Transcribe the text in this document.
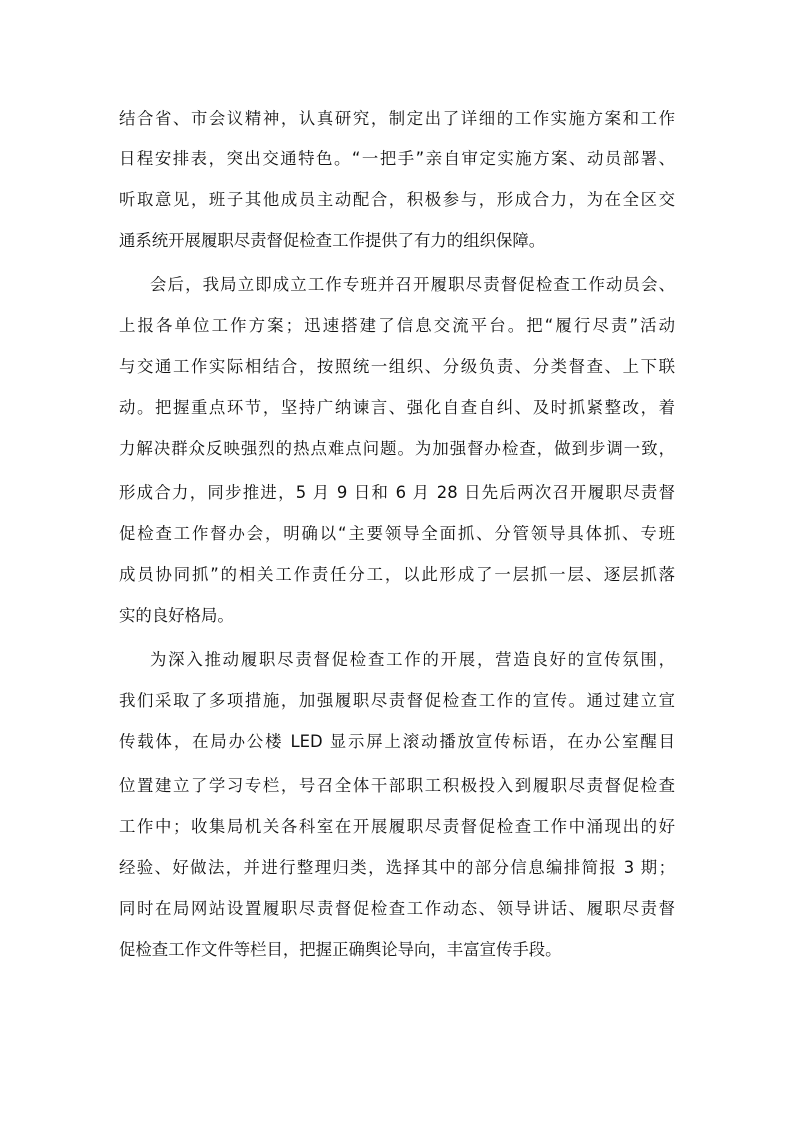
结合省、市会议精神，认真研究，制定出了详细的工作实施方案和工作
日程安排表，突出交通特色。“一把手”亲自审定实施方案、动员部署、
听取意见，班子其他成员主动配合，积极参与，形成合力，为在全区交
通系统开展履职尽责督促检查工作提供了有力的组织保障。
会后，我局立即成立工作专班并召开履职尽责督促检查工作动员会、
上报各单位工作方案；迅速搭建了信息交流平台。把“履行尽责”活动
与交通工作实际相结合，按照统一组织、分级负责、分类督查、上下联
动。把握重点环节，坚持广纳谏言、强化自查自纠、及时抓紧整改，着
力解决群众反映强烈的热点难点问题。为加强督办检查，做到步调一致，
形成合力，同步推进，5 月 9 日和 6 月 28 日先后两次召开履职尽责督
促检查工作督办会，明确以“主要领导全面抓、分管领导具体抓、专班
成员协同抓”的相关工作责任分工，以此形成了一层抓一层、逐层抓落
实的良好格局。
为深入推动履职尽责督促检查工作的开展，营造良好的宣传氛围，
我们采取了多项措施，加强履职尽责督促检查工作的宣传。通过建立宣
传载体，在局办公楼 LED 显示屏上滚动播放宣传标语，在办公室醒目
位置建立了学习专栏，号召全体干部职工积极投入到履职尽责督促检查
工作中；收集局机关各科室在开展履职尽责督促检查工作中涌现出的好
经验、好做法，并进行整理归类，选择其中的部分信息编排简报 3 期；
同时在局网站设置履职尽责督促检查工作动态、领导讲话、履职尽责督
促检查工作文件等栏目，把握正确舆论导向，丰富宣传手段。
